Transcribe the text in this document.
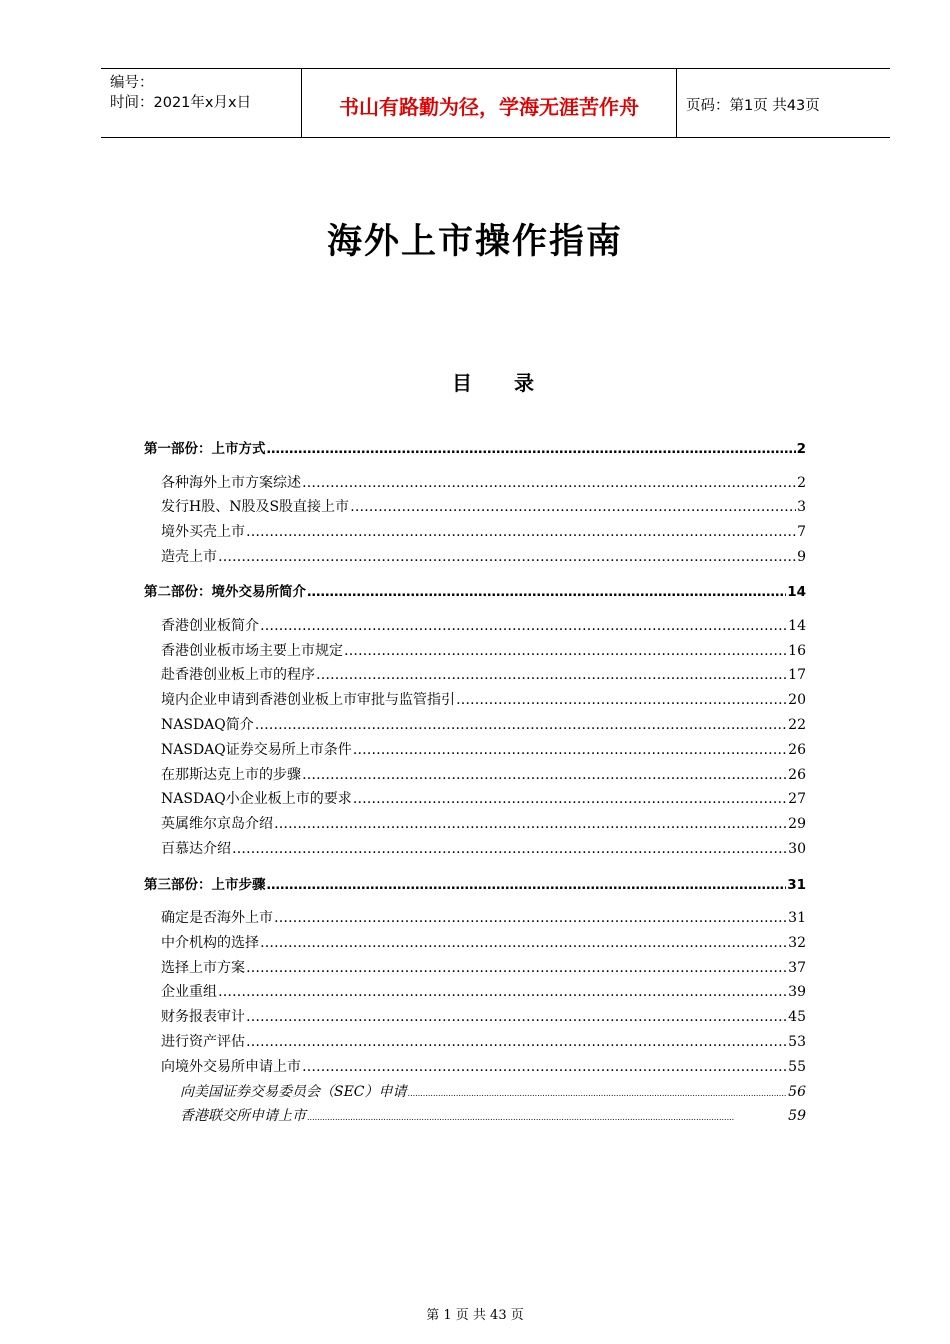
编号：
时间：2021年x月x日	书山有路勤为径，学海无涯苦作舟	页码：第1页 共43页
海外上市操作指南
目 录
第一部份：上市方式 …………………………………………………………………………………………………………………………………………………………………………	2
各种海外上市方案综述 …………………………………………………………………………………………………………………………………………………………………………	2
发行H股、N股及S股直接上市 …………………………………………………………………………………………………………………………………………………………………………	3
境外买壳上市 …………………………………………………………………………………………………………………………………………………………………………	7
造壳上市 …………………………………………………………………………………………………………………………………………………………………………	9
第二部份：境外交易所简介 …………………………………………………………………………………………………………………………………………………………………………	14
香港创业板简介 …………………………………………………………………………………………………………………………………………………………………………	14
香港创业板市场主要上市规定 …………………………………………………………………………………………………………………………………………………………………………	16
赴香港创业板上市的程序 …………………………………………………………………………………………………………………………………………………………………………	17
境内企业申请到香港创业板上市审批与监管指引 …………………………………………………………………………………………………………………………………………………………………………	20
NASDAQ简介 …………………………………………………………………………………………………………………………………………………………………………	22
NASDAQ证券交易所上市条件 …………………………………………………………………………………………………………………………………………………………………………	26
在那斯达克上市的步骤 …………………………………………………………………………………………………………………………………………………………………………	26
NASDAQ小企业板上市的要求 …………………………………………………………………………………………………………………………………………………………………………	27
英属维尔京岛介绍 …………………………………………………………………………………………………………………………………………………………………………	29
百慕达介绍 …………………………………………………………………………………………………………………………………………………………………………	30
第三部份：上市步骤 …………………………………………………………………………………………………………………………………………………………………………	31
确定是否海外上市 …………………………………………………………………………………………………………………………………………………………………………	31
中介机构的选择 …………………………………………………………………………………………………………………………………………………………………………	32
选择上市方案 …………………………………………………………………………………………………………………………………………………………………………	37
企业重组 …………………………………………………………………………………………………………………………………………………………………………	39
财务报表审计 …………………………………………………………………………………………………………………………………………………………………………	45
进行资产评估 …………………………………………………………………………………………………………………………………………………………………………	53
向境外交易所申请上市 …………………………………………………………………………………………………………………………………………………………………………	55
向美国证券交易委员会（SEC）申请 .....	56
香港联交所申请上市 .....	59
第 1 页 共 43 页
